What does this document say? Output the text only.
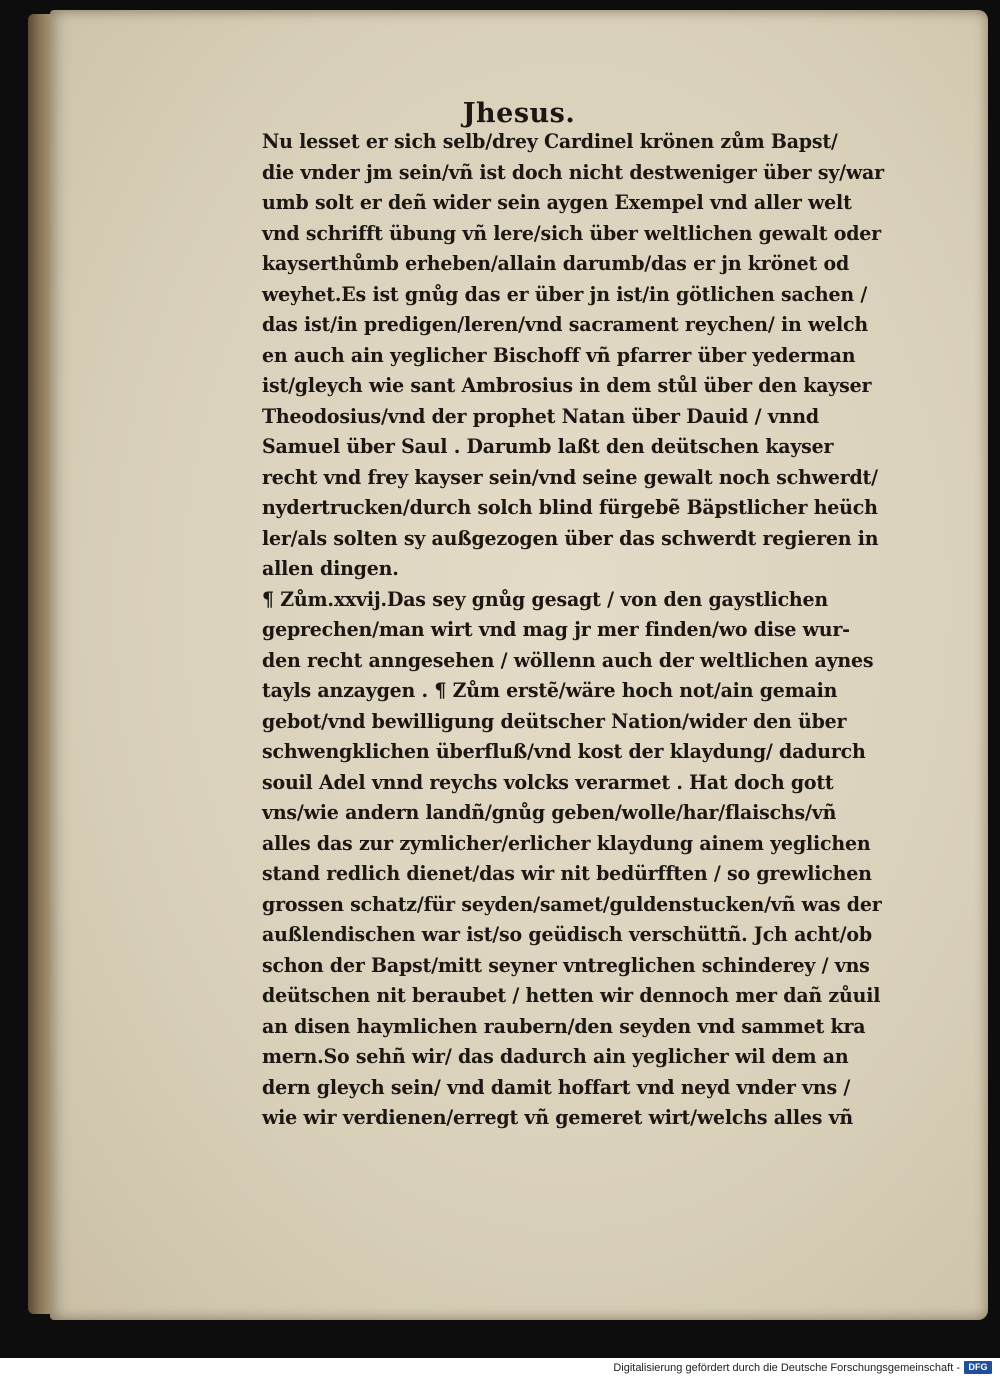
Jhesus.
Nu lesset er sich selb/drey Cardinel krönen zům Bapst/
die vnder jm sein/vñ ist doch nicht destweniger über sy/war
umb solt er deñ wider sein aygen Exempel vnd aller welt
vnd schrifft übung vñ lere/sich über weltlichen gewalt oder
kayserthůmb erheben/allain darumb/das er jn krönet od
weyhet.Es ist gnůg das er über jn ist/in götlichen sachen /
das ist/in predigen/leren/vnd sacrament reychen/ in welch
en auch ain yeglicher Bischoff vñ pfarrer über yederman
ist/gleych wie sant Ambrosius in dem stůl über den kayser
Theodosius/vnd der prophet Natan über Dauid / vnnd
Samuel über Saul . Darumb laßt den deütschen kayser
recht vnd frey kayser sein/vnd seine gewalt noch schwerdt/
nydertrucken/durch solch blind fürgebẽ Bäpstlicher heüch
ler/als solten sy außgezogen über das schwerdt regieren in
allen dingen.
¶ Zům.xxvij.Das sey gnůg gesagt / von den gaystlichen
geprechen/man wirt vnd mag jr mer finden/wo dise wur-
den recht anngesehen / wöllenn auch der weltlichen aynes
tayls anzaygen . ¶ Zům erstẽ/wäre hoch not/ain gemain
gebot/vnd bewilligung deütscher Nation/wider den über
schwengklichen überfluß/vnd kost der klaydung/ dadurch
souil Adel vnnd reychs volcks verarmet . Hat doch gott
vns/wie andern landñ/gnůg geben/wolle/har/flaischs/vñ
alles das zur zymlicher/erlicher klaydung ainem yeglichen
stand redlich dienet/das wir nit bedürfften / so grewlichen
grossen schatz/für seyden/samet/guldenstucken/vñ was der
außlendischen war ist/so geüdisch verschüttñ. Jch acht/ob
schon der Bapst/mitt seyner vntreglichen schinderey / vns
deütschen nit beraubet / hetten wir dennoch mer dañ zůuil
an disen haymlichen raubern/den seyden vnd sammet kra
mern.So sehñ wir/ das dadurch ain yeglicher wil dem an
dern gleych sein/ vnd damit hoffart vnd neyd vnder vns /
wie wir verdienen/erregt vñ gemeret wirt/welchs alles vñ
Digitalisierung gefördert durch die Deutsche Forschungsgemeinschaft - DFG
